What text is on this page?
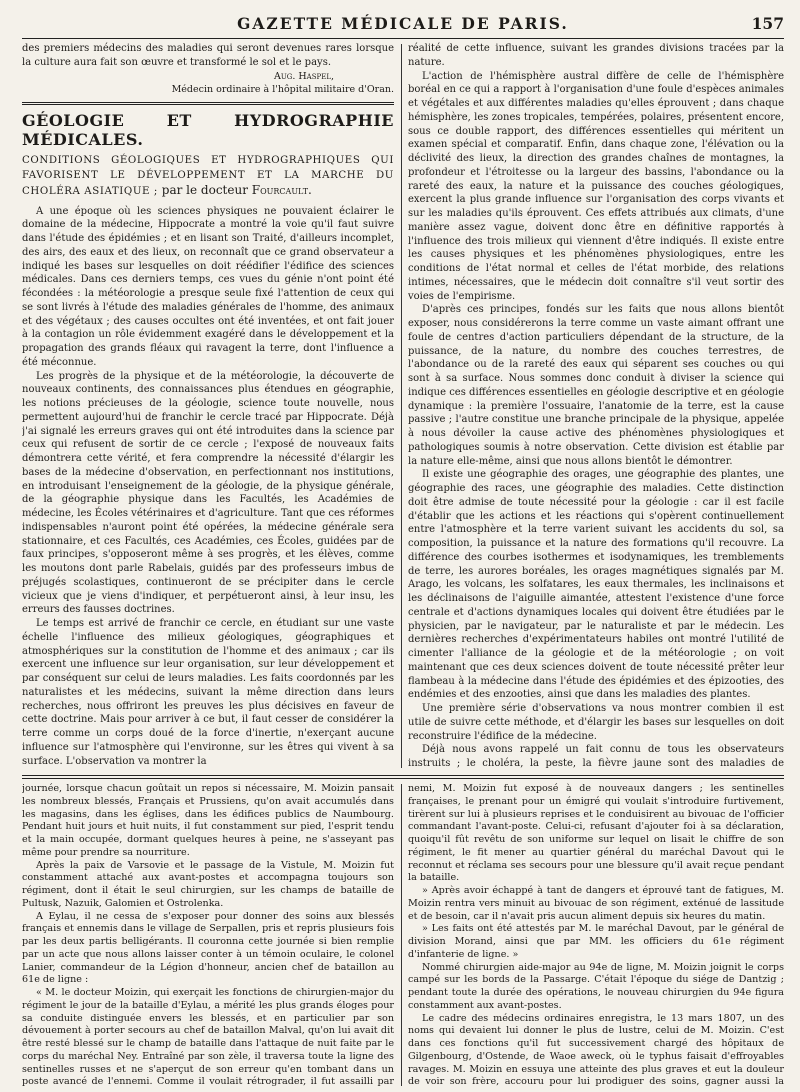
GAZETTE MÉDICALE DE PARIS.	157

des premiers médecins des maladies qui seront devenues rares lorsque la culture aura fait son œuvre et transformé le sol et le pays.

Aug. Haspel,
Médecin ordinaire à l'hôpital militaire d'Oran.
GÉOLOGIE ET HYDROGRAPHIE MÉDICALES.
CONDITIONS GÉOLOGIQUES ET HYDROGRAPHIQUES QUI FAVORISENT LE DÉVELOPPEMENT ET LA MARCHE DU CHOLÉRA ASIATIQUE ; par le docteur Fourcault.

A une époque où les sciences physiques ne pouvaient éclairer le domaine de la médecine, Hippocrate a montré la voie qu'il faut suivre dans l'étude des épidémies ; et en lisant son Traité, d'ailleurs incomplet, des airs, des eaux et des lieux, on reconnaît que ce grand observateur a indiqué les bases sur lesquelles on doit réédifier l'édifice des sciences médicales. Dans ces derniers temps, ces vues du génie n'ont point été fécondées : la météorologie a presque seule fixé l'attention de ceux qui se sont livrés à l'étude des maladies générales de l'homme, des animaux et des végétaux ; des causes occultes ont été inventées, et ont fait jouer à la contagion un rôle évidemment exagéré dans le développement et la propagation des grands fléaux qui ravagent la terre, dont l'influence a été méconnue.

Les progrès de la physique et de la météorologie, la découverte de nouveaux continents, des connaissances plus étendues en géographie, les notions précieuses de la géologie, science toute nouvelle, nous permettent aujourd'hui de franchir le cercle tracé par Hippocrate. Déjà j'ai signalé les erreurs graves qui ont été introduites dans la science par ceux qui refusent de sortir de ce cercle ; l'exposé de nouveaux faits démontrera cette vérité, et fera comprendre la nécessité d'élargir les bases de la médecine d'observation, en perfectionnant nos institutions, en introduisant l'enseignement de la géologie, de la physique générale, de la géographie physique dans les Facultés, les Académies de médecine, les Écoles vétérinaires et d'agriculture. Tant que ces réformes indispensables n'auront point été opérées, la médecine générale sera stationnaire, et ces Facultés, ces Académies, ces Écoles, guidées par de faux principes, s'opposeront même à ses progrès, et les élèves, comme les moutons dont parle Rabelais, guidés par des professeurs imbus de préjugés scolastiques, continueront de se précipiter dans le cercle vicieux que je viens d'indiquer, et perpétueront ainsi, à leur insu, les erreurs des fausses doctrines.

Le temps est arrivé de franchir ce cercle, en étudiant sur une vaste échelle l'influence des milieux géologiques, géographiques et atmosphériques sur la constitution de l'homme et des animaux ; car ils exercent une influence sur leur organisation, sur leur développement et par conséquent sur celui de leurs maladies. Les faits coordonnés par les naturalistes et les médecins, suivant la même direction dans leurs recherches, nous offriront les preuves les plus décisives en faveur de cette doctrine. Mais pour arriver à ce but, il faut cesser de considérer la terre comme un corps doué de la force d'inertie, n'exerçant aucune influence sur l'atmosphère qui l'environne, sur les êtres qui vivent à sa surface. L'observation va montrer la

réalité de cette influence, suivant les grandes divisions tracées par la nature.

L'action de l'hémisphère austral diffère de celle de l'hémisphère boréal en ce qui a rapport à l'organisation d'une foule d'espèces animales et végétales et aux différentes maladies qu'elles éprouvent ; dans chaque hémisphère, les zones tropicales, tempérées, polaires, présentent encore, sous ce double rapport, des différences essentielles qui méritent un examen spécial et comparatif. Enfin, dans chaque zone, l'élévation ou la déclivité des lieux, la direction des grandes chaînes de montagnes, la profondeur et l'étroitesse ou la largeur des bassins, l'abondance ou la rareté des eaux, la nature et la puissance des couches géologiques, exercent la plus grande influence sur l'organisation des corps vivants et sur les maladies qu'ils éprouvent. Ces effets attribués aux climats, d'une manière assez vague, doivent donc être en définitive rapportés à l'influence des trois milieux qui viennent d'être indiqués. Il existe entre les causes physiques et les phénomènes physiologiques, entre les conditions de l'état normal et celles de l'état morbide, des relations intimes, nécessaires, que le médecin doit connaître s'il veut sortir des voies de l'empirisme.

D'après ces principes, fondés sur les faits que nous allons bientôt exposer, nous considérerons la terre comme un vaste aimant offrant une foule de centres d'action particuliers dépendant de la structure, de la puissance, de la nature, du nombre des couches terrestres, de l'abondance ou de la rareté des eaux qui séparent ses couches ou qui sont à sa surface. Nous sommes donc conduit à diviser la science qui indique ces différences essentielles en géologie descriptive et en géologie dynamique : la première l'ossuaire, l'anatomie de la terre, est la cause passive ; l'autre constitue une branche principale de la physique, appelée à nous dévoiler la cause active des phénomènes physiologiques et pathologiques soumis à notre observation. Cette division est établie par la nature elle-même, ainsi que nous allons bientôt le démontrer.

Il existe une géographie des orages, une géographie des plantes, une géographie des races, une géographie des maladies. Cette distinction doit être admise de toute nécessité pour la géologie : car il est facile d'établir que les actions et les réactions qui s'opèrent continuellement entre l'atmosphère et la terre varient suivant les accidents du sol, sa composition, la puissance et la nature des formations qu'il recouvre. La différence des courbes isothermes et isodynamiques, les tremblements de terre, les aurores boréales, les orages magnétiques signalés par M. Arago, les volcans, les solfatares, les eaux thermales, les inclinaisons et les déclinaisons de l'aiguille aimantée, attestent l'existence d'une force centrale et d'actions dynamiques locales qui doivent être étudiées par le physicien, par le navigateur, par le naturaliste et par le médecin. Les dernières recherches d'expérimentateurs habiles ont montré l'utilité de cimenter l'alliance de la géologie et de la météorologie ; on voit maintenant que ces deux sciences doivent de toute nécessité prêter leur flambeau à la médecine dans l'étude des épidémies et des épizooties, des endémies et des enzooties, ainsi que dans les maladies des plantes.

Une première série d'observations va nous montrer combien il est utile de suivre cette méthode, et d'élargir les bases sur lesquelles on doit reconstruire l'édifice de la médecine.

Déjà nous avons rappelé un fait connu de tous les observateurs instruits ; le choléra, la peste, la fièvre jaune sont des maladies de

journée, lorsque chacun goûtait un repos si nécessaire, M. Moizin pansait les nombreux blessés, Français et Prussiens, qu'on avait accumulés dans les magasins, dans les églises, dans les édifices publics de Naumbourg. Pendant huit jours et huit nuits, il fut constamment sur pied, l'esprit tendu et la main occupée, dormant quelques heures à peine, ne s'asseyant pas même pour prendre sa nourriture.

Après la paix de Varsovie et le passage de la Vistule, M. Moizin fut constamment attaché aux avant-postes et accompagna toujours son régiment, dont il était le seul chirurgien, sur les champs de bataille de Pultusk, Nazuik, Galomien et Ostrolenka.

A Eylau, il ne cessa de s'exposer pour donner des soins aux blessés français et ennemis dans le village de Serpallen, pris et repris plusieurs fois par les deux partis belligérants. Il couronna cette journée si bien remplie par un acte que nous allons laisser conter à un témoin oculaire, le colonel Lanier, commandeur de la Légion d'honneur, ancien chef de bataillon au 61e de ligne :

« M. le docteur Moizin, qui exerçait les fonctions de chirurgien-major du régiment le jour de la bataille d'Eylau, a mérité les plus grands éloges pour sa conduite distinguée envers les blessés, et en particulier par son dévouement à porter secours au chef de bataillon Malval, qu'on lui avait dit être resté blessé sur le champ de bataille dans l'attaque de nuit faite par le corps du maréchal Ney. Entraîné par son zèle, il traversa toute la ligne des sentinelles russes et ne s'aperçut de son erreur qu'en tombant dans un poste avancé de l'ennemi. Comme il voulait rétrograder, il fut assailli par

nemi, M. Moizin fut exposé à de nouveaux dangers ; les sentinelles françaises, le prenant pour un émigré qui voulait s'introduire furtivement, tirèrent sur lui à plusieurs reprises et le conduisirent au bivouac de l'officier commandant l'avant-poste. Celui-ci, refusant d'ajouter foi à sa déclaration, quoiqu'il fût revêtu de son uniforme sur lequel on lisait le chiffre de son régiment, le fit mener au quartier général du maréchal Davout qui le reconnut et réclama ses secours pour une blessure qu'il avait reçue pendant la bataille.

» Après avoir échappé à tant de dangers et éprouvé tant de fatigues, M. Moizin rentra vers minuit au bivouac de son régiment, exténué de lassitude et de besoin, car il n'avait pris aucun aliment depuis six heures du matin.

» Les faits ont été attestés par M. le maréchal Davout, par le général de division Morand, ainsi que par MM. les officiers du 61e régiment d'infanterie de ligne. »

Nommé chirurgien aide-major au 94e de ligne, M. Moizin joignit le corps campé sur les bords de la Passarge. C'était l'époque du siége de Dantzig ; pendant toute la durée des opérations, le nouveau chirurgien du 94e figura constamment aux avant-postes.

Le cadre des médecins ordinaires enregistra, le 13 mars 1807, un des noms qui devaient lui donner le plus de lustre, celui de M. Moizin. C'est dans ces fonctions qu'il fut successivement chargé des hôpitaux de Gilgenbourg, d'Ostende, de Waoe aweck, où le typhus faisait d'effroyables ravages. M. Moizin en essuya une atteinte des plus graves et eut la douleur de voir son frère, accouru pour lui prodiguer des soins, gagner aussi la
